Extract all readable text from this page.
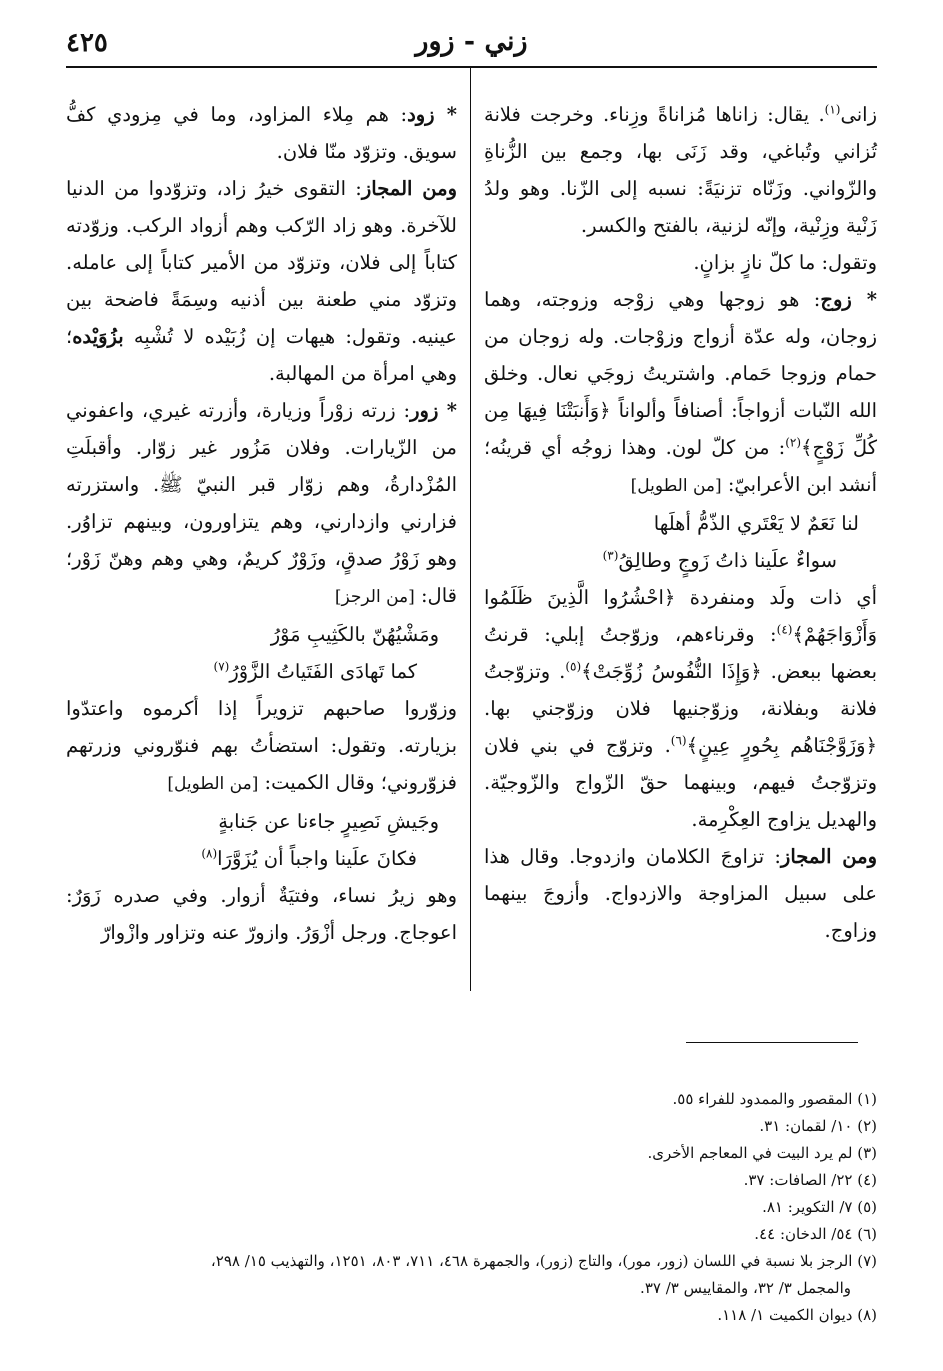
٤٢٥	زني - زور

زانى$^{(١)}$. يقال: زاناها مُزاناةً وزِناء. وخرجت فلانة تُزاني وتُباغي، وقد زَنَى بها، وجمع بين الزُّناةِ والزّواني. وزَنّاه تزنيَةً: نسبه إلى الزّنا. وهو ولدُ زَنْية وزِنْية، وإنّه لزنية، بالفتح والكسر.

وتقول: ما كلّ نازٍ بزانٍ.

* زوج: هو زوجها وهي زوْجه وزوجته، وهما زوجان، وله عدّة أزواج وزوْجات. وله زوجان من حمام وزوجا حَمام. واشتريتُ زوجَي نعال. وخلق الله النّبات أزواجاً: أصنافاً وألواناً ﴿وَأَنبَتْنَا فِيهَا مِن كُلِّ زَوْجٍ﴾$^{(٢)}$: من كلّ لون. وهذا زوجُه أي قرينُه؛ أنشد ابن الأعرابيّ: [من الطويل]

لنا نَعَمٌ لا يَعْتَري الذّمُّ أهلَها

سواءٌ علَينا ذاتُ زَوجٍ وطالِقُ$^{(٣)}$

أي ذات ولَد ومنفردة ﴿احْشُرُوا الَّذِينَ ظَلَمُوا وَأَزْوَاجَهُمْ﴾$^{(٤)}$: وقرناءهم، وزوّجتُ إبلي: قرنتُ بعضها ببعض. ﴿وَإِذَا النُّفُوسُ زُوِّجَتْ﴾$^{(٥)}$. وتزوّجتُ فلانة وبفلانة، وزوّجنيها فلان وزوّجني بها. ﴿وَزَوَّجْنَاهُم بِحُورٍ عِينٍ﴾$^{(٦)}$. وتزوّج في بني فلان وتزوّجتُ فيهم، وبينهما حقّ الزّواج والزّوجيّة. والهديل يزاوج العِكْرِمة.

ومن المجاز: تزاوجَ الكلامان وازدوجا. وقال هذا على سبيل المزاوجة والازدواج. وأزوجَ بينهما وزاوج.

* زود: هم مِلاء المزاود، وما في مِزودي كفُّ سويق. وتزوّد منّا فلان.

ومن المجاز: التقوى خيرُ زاد، وتزوّدوا من الدنيا للآخرة. وهو زاد الرّكب وهم أزواد الركب. وزوّدته كتاباً إلى فلان، وتزوّد من الأمير كتاباً إلى عامله. وتزوّد مني طعنة بين أذنيه وسِمَةً فاضحة بين عينيه. وتقول: هيهات إن زُبَيْده لا تُشْبِه بزُوَيْده؛ وهي امرأة من المهالبة.

* زور: زرته زوْراً وزيارة، وأزرته غيري، واعفوني من الزّيارات. وفلان مَزُور غير زوّار. وأقبلَتِ المُزْدارةُ، وهم زوّار قبر النبيّ ﷺ. واستزرته فزارني وازدارني، وهم يتزاورون، وبينهم تزاوُر. وهو زَوْرُ صدقٍ، وزَوْرٌ كريمٌ، وهي وهم وهنّ زَوْر؛ قال: [من الرجز]

ومَشْيُهُنّ بالكَثِيبِ مَوْرُ

كما تَهادَى الفَتَياتُ الزَّوْرُ$^{(٧)}$

وزوّروا صاحبهم تزويراً إذا أكرموه واعتدّوا بزيارته. وتقول: استضأتُ بهم فنوّروني وزرتهم فزوّروني؛ وقال الكميت: [من الطويل]

وجَيشِ نَصِيرٍ جاءنا عن جَنابةٍ

فكانَ علَينا واجباً أن يُزَوَّرَا$^{(٨)}$

وهو زيرُ نساء، وفتيَةٌ أزوار. وفي صدره زَوَرٌ: اعوجاج. ورجل أزْوَرُ. وازورّ عنه وتزاور وازْوارّ

(١) المقصور والممدود للفراء ٥٥.
(٢) ١٠/ لقمان: ٣١.
(٣) لم يرد البيت في المعاجم الأخرى.
(٤) ٢٢/ الصافات: ٣٧.
(٥) ٧/ التكوير: ٨١.
(٦) ٥٤/ الدخان: ٤٤.
(٧) الرجز بلا نسبة في اللسان (زور، مور)، والتاج (زور)، والجمهرة ٤٦٨، ٧١١، ٨٠٣، ١٢٥١، والتهذيب ١٥/ ٢٩٨،
والمجمل ٣/ ٣٢، والمقاييس ٣/ ٣٧.
(٨) ديوان الكميت ١/ ١١٨.
